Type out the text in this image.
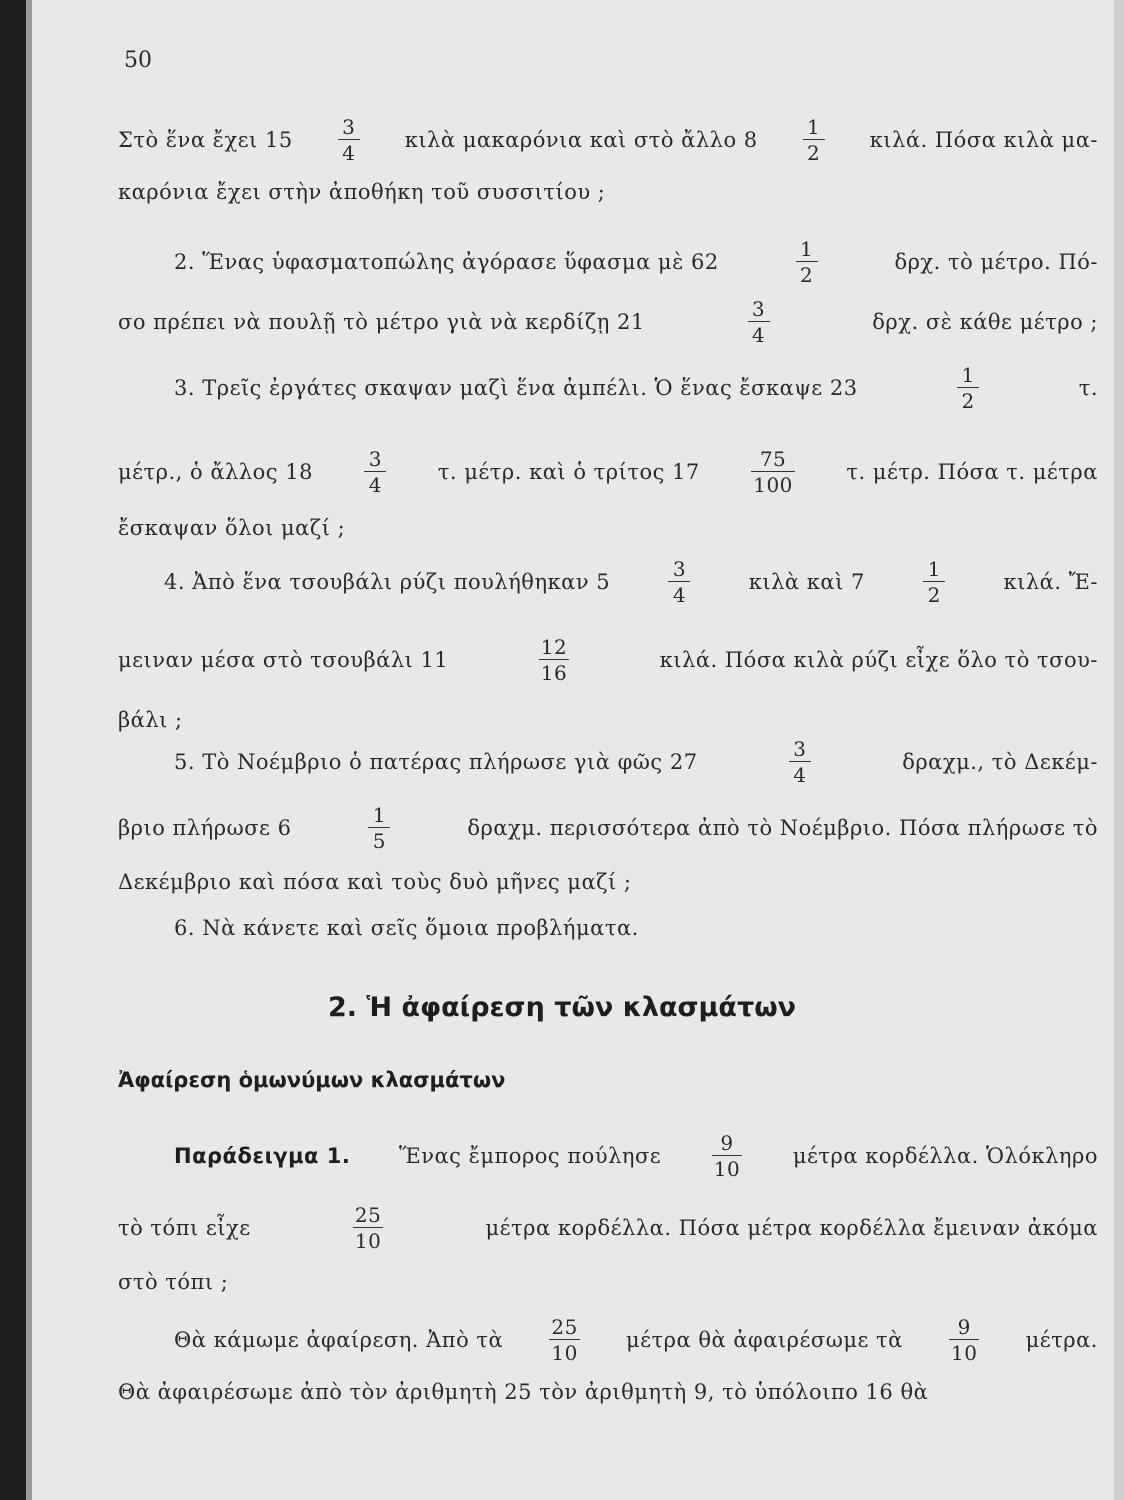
50
Στὸ ἕνα ἔχει $15 \frac{3}{4}$ κιλὰ μακαρόνια καὶ στὸ ἄλλο $8 \frac{1}{2} \kappa\iota\lambda ά$. Πόσα κιλὰ μα-
καρόνια ἔχει στὴν ἀποθήκη τοῦ συσσιτίου ;
2. Ἕνας ὑφασματοπώλης ἀγόρασε ὕφασμα μὲ 62	$\frac{1}{2}$	δρχ. τὸ μέτρο. Πό-
σο πρέπει νὰ πουλῇ τὸ μέτρο γιὰ νὰ κερδίζῃ 21	$\frac{3}{4}$	δρχ. σὲ κάθε μέτρο ;
3. Τρεῖς ἐργάτες σκαψαν μαζὶ ἕνα ἀμπέλι. Ὁ ἕνας ἔσκαψε 23	$\frac{1}{2}$	τ.
μέτρ., ὁ ἄλλος 18	$\frac{3}{4} \tau$. μέτρ. καὶ ὁ τρίτος 17	$\frac{75}{100} \tau$. μέτρ. Πόσα τ. μέτρα
ἔσκαψαν ὅλοι μαζί ;
4. Ἀπὸ ἕνα τσουβάλι ρύζι πουλήθηκαν 5	$\frac{3}{4}$	κιλὰ καὶ 7	$\frac{1}{2}$	κιλά. Ἔ-
μειναν μέσα στὸ τσουβάλι 11	$\frac{12}{16}$	κιλά. Πόσα κιλὰ ρύζι εἶχε ὅλο τὸ τσου-
βάλι ;
5. Τὸ Νοέμβριο ὁ πατέρας πλήρωσε γιὰ φῶς 27	$\frac{3}{4}$	δραχμ., τὸ Δεκέμ-
βριο πλήρωσε 6	$\frac{1}{5}$	δραχμ. περισσότερα ἀπὸ τὸ Νοέμβριο. Πόσα πλήρωσε τὸ
Δεκέμβριο καὶ πόσα καὶ τοὺς δυὸ μῆνες μαζί ;
6. Νὰ κάνετε καὶ σεῖς ὅμοια προβλήματα.
Παράδειγμα 1. Ἕνας ἔμπορος πούλησε	$\frac{9}{10}$ μέτρα κορδέλλα. Ὁλόκληρο
τὸ τόπι εἶχε	$\frac{25}{10}$	μέτρα κορδέλλα. Πόσα μέτρα κορδέλλα ἔμειναν ἀκόμα
στὸ τόπι ;
Θὰ κάμωμε ἀφαίρεση. Ἀπὸ τὰ $\frac{25}{10}$ μέτρα θὰ ἀφαιρέσωμε τὰ $\frac{9}{10} \mu έ\tau\rho\alpha$.
Θὰ ἀφαιρέσωμε ἀπὸ τὸν ἀριθμητὴ 25 τὸν ἀριθμητὴ 9, τὸ ὑπόλοιπο 16 θὰ
2. Ἡ ἀφαίρεση τῶν κλασμάτων
Ἀφαίρεση ὁμωνύμων κλασμάτων
